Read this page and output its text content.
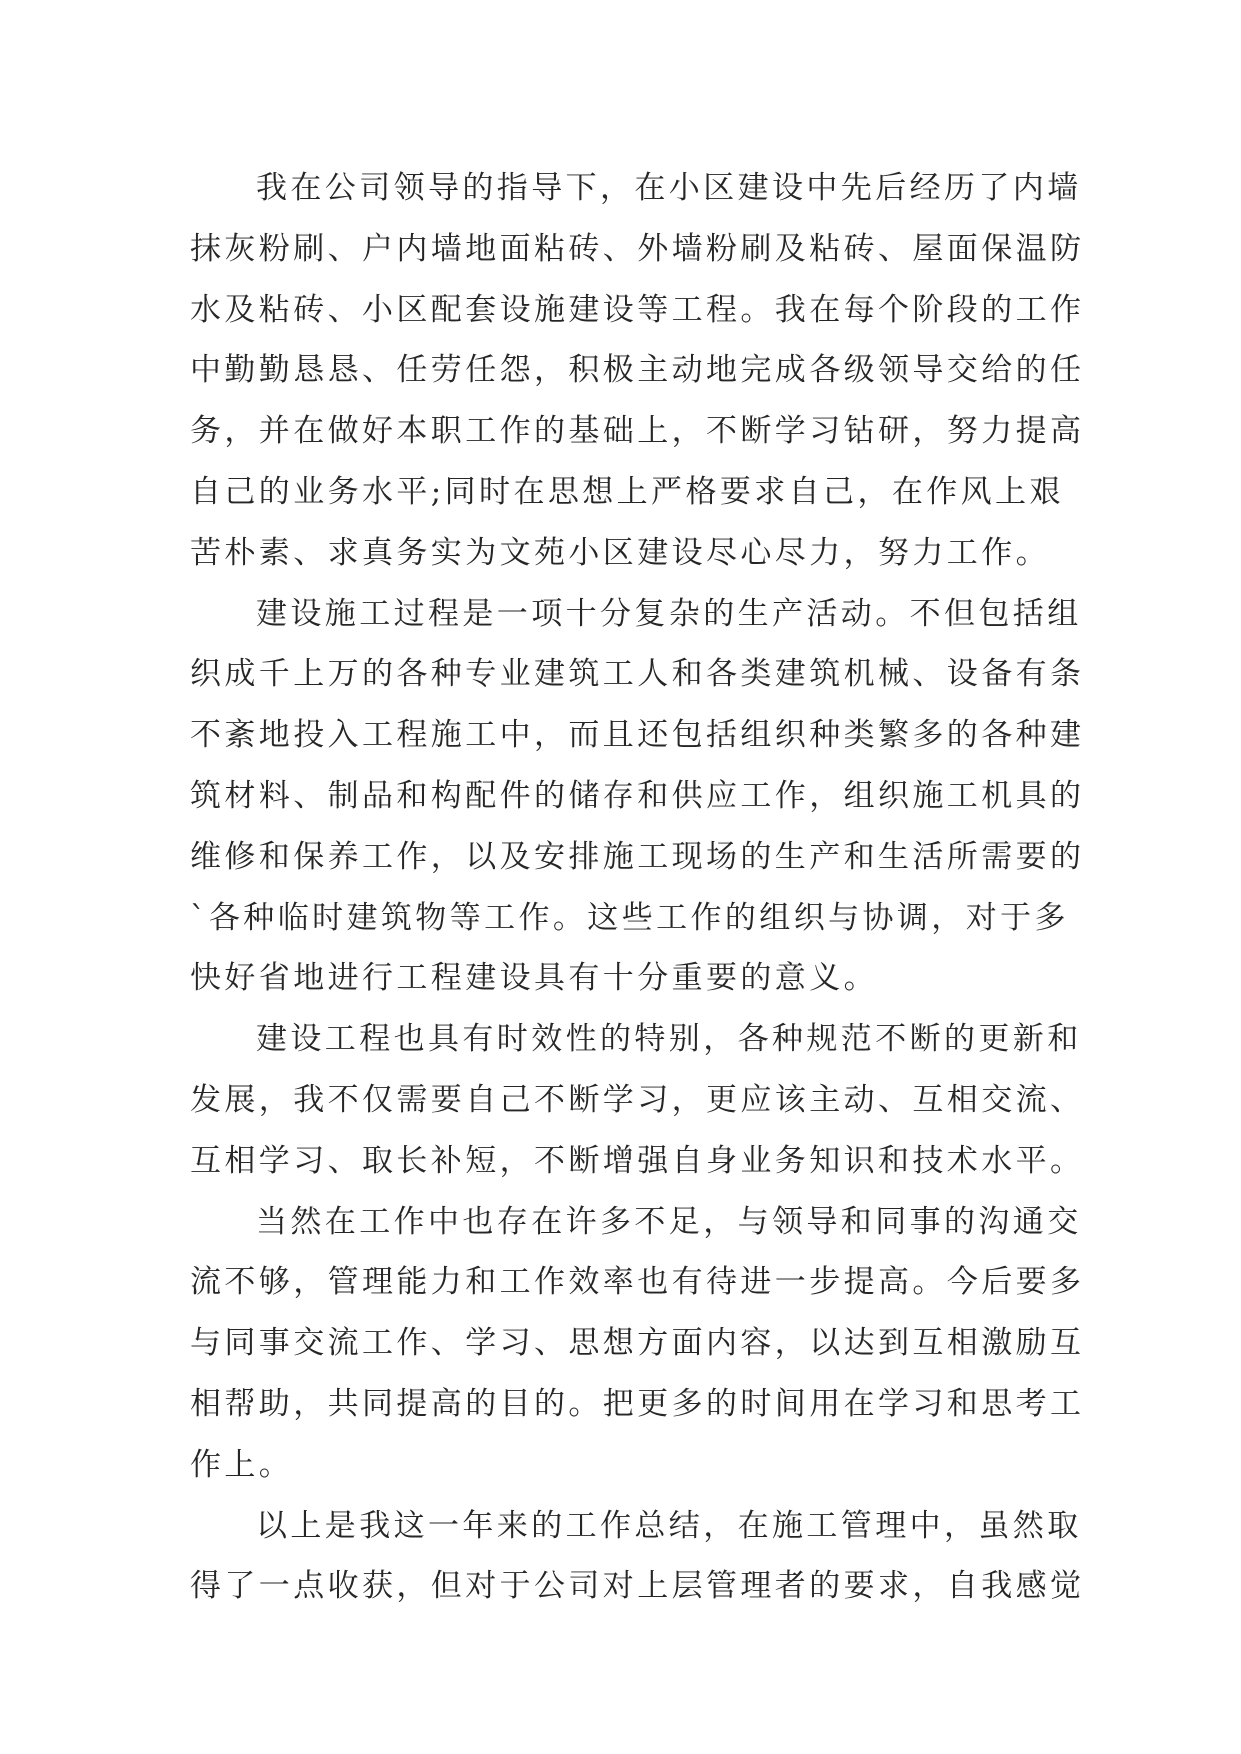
我在公司领导的指导下，在小区建设中先后经历了内墙
抹灰粉刷、户内墙地面粘砖、外墙粉刷及粘砖、屋面保温防
水及粘砖、小区配套设施建设等工程。我在每个阶段的工作
中勤勤恳恳、任劳任怨，积极主动地完成各级领导交给的任
务，并在做好本职工作的基础上，不断学习钻研，努力提高
自己的业务水平;同时在思想上严格要求自己，在作风上艰
苦朴素、求真务实为文苑小区建设尽心尽力，努力工作。
建设施工过程是一项十分复杂的生产活动。不但包括组
织成千上万的各种专业建筑工人和各类建筑机械、设备有条
不紊地投入工程施工中，而且还包括组织种类繁多的各种建
筑材料、制品和构配件的储存和供应工作，组织施工机具的
维修和保养工作，以及安排施工现场的生产和生活所需要的
`各种临时建筑物等工作。这些工作的组织与协调，对于多
快好省地进行工程建设具有十分重要的意义。
建设工程也具有时效性的特别，各种规范不断的更新和
发展，我不仅需要自己不断学习，更应该主动、互相交流、
互相学习、取长补短，不断增强自身业务知识和技术水平。
当然在工作中也存在许多不足，与领导和同事的沟通交
流不够，管理能力和工作效率也有待进一步提高。今后要多
与同事交流工作、学习、思想方面内容，以达到互相激励互
相帮助，共同提高的目的。把更多的时间用在学习和思考工
作上。
以上是我这一年来的工作总结，在施工管理中，虽然取
得了一点收获，但对于公司对上层管理者的要求，自我感觉
